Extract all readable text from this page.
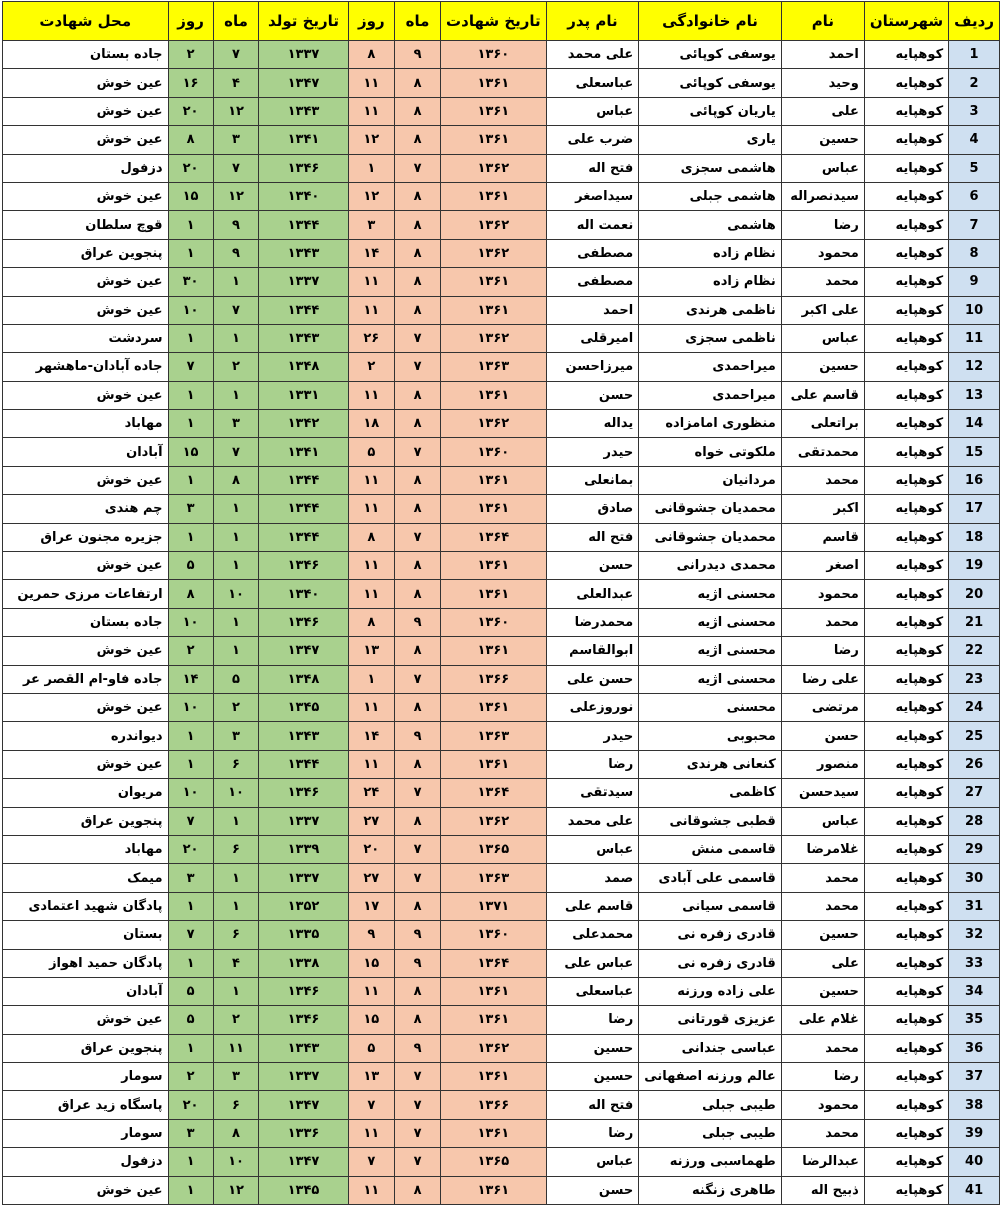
ردیف	شهرستان	نام	نام خانوادگی	نام پدر	تاریخ شهادت	ماه	روز	تاریخ تولد	ماه	روز	محل شهادت
1	کوهپایه	احمد	یوسفی کوپائی	علی محمد	۱۳۶۰	۹	۸	۱۳۳۷	۷	۲	جاده بستان
2	کوهپایه	وحید	یوسفی کوپائی	عباسعلی	۱۳۶۱	۸	۱۱	۱۳۴۷	۴	۱۶	عین خوش
3	کوهپایه	علی	یاریان کوپائی	عباس	۱۳۶۱	۸	۱۱	۱۳۴۳	۱۲	۲۰	عین خوش
4	کوهپایه	حسین	یاری	ضرب علی	۱۳۶۱	۸	۱۲	۱۳۴۱	۳	۸	عین خوش
5	کوهپایه	عباس	هاشمی سجزی	فتح اله	۱۳۶۲	۷	۱	۱۳۴۶	۷	۲۰	دزفول
6	کوهپایه	سیدنصراله	هاشمی جبلی	سیداصغر	۱۳۶۱	۸	۱۲	۱۳۴۰	۱۲	۱۵	عین خوش
7	کوهپایه	رضا	هاشمی	نعمت اله	۱۳۶۲	۸	۳	۱۳۴۴	۹	۱	قوچ سلطان
8	کوهپایه	محمود	نظام زاده	مصطفی	۱۳۶۲	۸	۱۴	۱۳۴۳	۹	۱	پنجوین عراق
9	کوهپایه	محمد	نظام زاده	مصطفی	۱۳۶۱	۸	۱۱	۱۳۳۷	۱	۳۰	عین خوش
10	کوهپایه	علی اکبر	ناظمی هرندی	احمد	۱۳۶۱	۸	۱۱	۱۳۴۴	۷	۱۰	عین خوش
11	کوهپایه	عباس	ناظمی سجزی	امیرقلی	۱۳۶۲	۷	۲۶	۱۳۴۳	۱	۱	سردشت
12	کوهپایه	حسین	میراحمدی	میرزاحسن	۱۳۶۳	۷	۲	۱۳۴۸	۲	۷	جاده آبادان-ماهشهر
13	کوهپایه	قاسم علی	میراحمدی	حسن	۱۳۶۱	۸	۱۱	۱۳۳۱	۱	۱	عین خوش
14	کوهپایه	براتعلی	منظوری امامزاده	یداله	۱۳۶۲	۸	۱۸	۱۳۴۲	۳	۱	مهاباد
15	کوهپایه	محمدتقی	ملکوتی خواه	حیدر	۱۳۶۰	۷	۵	۱۳۴۱	۷	۱۵	آبادان
16	کوهپایه	محمد	مردانیان	بمانعلی	۱۳۶۱	۸	۱۱	۱۳۴۴	۸	۱	عین خوش
17	کوهپایه	اکبر	محمدیان جشوقانی	صادق	۱۳۶۱	۸	۱۱	۱۳۴۴	۱	۳	چم هندی
18	کوهپایه	قاسم	محمدیان جشوقانی	فتح اله	۱۳۶۴	۷	۸	۱۳۴۴	۱	۱	جزیره مجنون عراق
19	کوهپایه	اصغر	محمدی دیدرانی	حسن	۱۳۶۱	۸	۱۱	۱۳۴۶	۱	۵	عین خوش
20	کوهپایه	محمود	محسنی اژیه	عبدالعلی	۱۳۶۱	۸	۱۱	۱۳۴۰	۱۰	۸	ارتفاعات مرزی حمرین
21	کوهپایه	محمد	محسنی اژیه	محمدرضا	۱۳۶۰	۹	۸	۱۳۴۶	۱	۱۰	جاده بستان
22	کوهپایه	رضا	محسنی اژیه	ابوالقاسم	۱۳۶۱	۸	۱۳	۱۳۴۷	۱	۲	عین خوش
23	کوهپایه	علی رضا	محسنی اژیه	حسن علی	۱۳۶۶	۷	۱	۱۳۴۸	۵	۱۴	جاده فاو-ام القصر عر
24	کوهپایه	مرتضی	محسنی	نوروزعلی	۱۳۶۱	۸	۱۱	۱۳۴۵	۲	۱۰	عین خوش
25	کوهپایه	حسن	محبوبی	حیدر	۱۳۶۳	۹	۱۴	۱۳۴۳	۳	۱	دیواندره
26	کوهپایه	منصور	کنعانی هرندی	رضا	۱۳۶۱	۸	۱۱	۱۳۴۴	۶	۱	عین خوش
27	کوهپایه	سیدحسن	کاظمی	سیدتقی	۱۳۶۴	۷	۲۴	۱۳۴۶	۱۰	۱۰	مریوان
28	کوهپایه	عباس	قطبی جشوقانی	علی محمد	۱۳۶۲	۸	۲۷	۱۳۳۷	۱	۷	پنجوین عراق
29	کوهپایه	غلامرضا	قاسمی منش	عباس	۱۳۶۵	۷	۲۰	۱۳۳۹	۶	۲۰	مهاباد
30	کوهپایه	محمد	قاسمی علی آبادی	صمد	۱۳۶۳	۷	۲۷	۱۳۳۷	۱	۳	میمک
31	کوهپایه	محمد	قاسمی سیانی	قاسم علی	۱۳۷۱	۸	۱۷	۱۳۵۲	۱	۱	پادگان شهید اعتمادی
32	کوهپایه	حسین	قادری زفره نی	محمدعلی	۱۳۶۰	۹	۹	۱۳۳۵	۶	۷	بستان
33	کوهپایه	علی	قادری زفره نی	عباس علی	۱۳۶۴	۹	۱۵	۱۳۳۸	۴	۱	پادگان حمید اهواز
34	کوهپایه	حسین	علی زاده ورزنه	عباسعلی	۱۳۶۱	۸	۱۱	۱۳۴۶	۱	۵	آبادان
35	کوهپایه	غلام علی	عزیزی قورتانی	رضا	۱۳۶۱	۸	۱۵	۱۳۴۶	۲	۵	عین خوش
36	کوهپایه	محمد	عباسی جندانی	حسین	۱۳۶۲	۹	۵	۱۳۴۳	۱۱	۱	پنجوین عراق
37	کوهپایه	رضا	عالم ورزنه اصفهانی	حسین	۱۳۶۱	۷	۱۳	۱۳۳۷	۳	۲	سومار
38	کوهپایه	محمود	طیبی جبلی	فتح اله	۱۳۶۶	۷	۷	۱۳۴۷	۶	۲۰	پاسگاه زید عراق
39	کوهپایه	محمد	طیبی جبلی	رضا	۱۳۶۱	۷	۱۱	۱۳۳۶	۸	۳	سومار
40	کوهپایه	عبدالرضا	طهماسبی ورزنه	عباس	۱۳۶۵	۷	۷	۱۳۴۷	۱۰	۱	دزفول
41	کوهپایه	ذبیح اله	طاهری زنگنه	حسن	۱۳۶۱	۸	۱۱	۱۳۴۵	۱۲	۱	عین خوش
